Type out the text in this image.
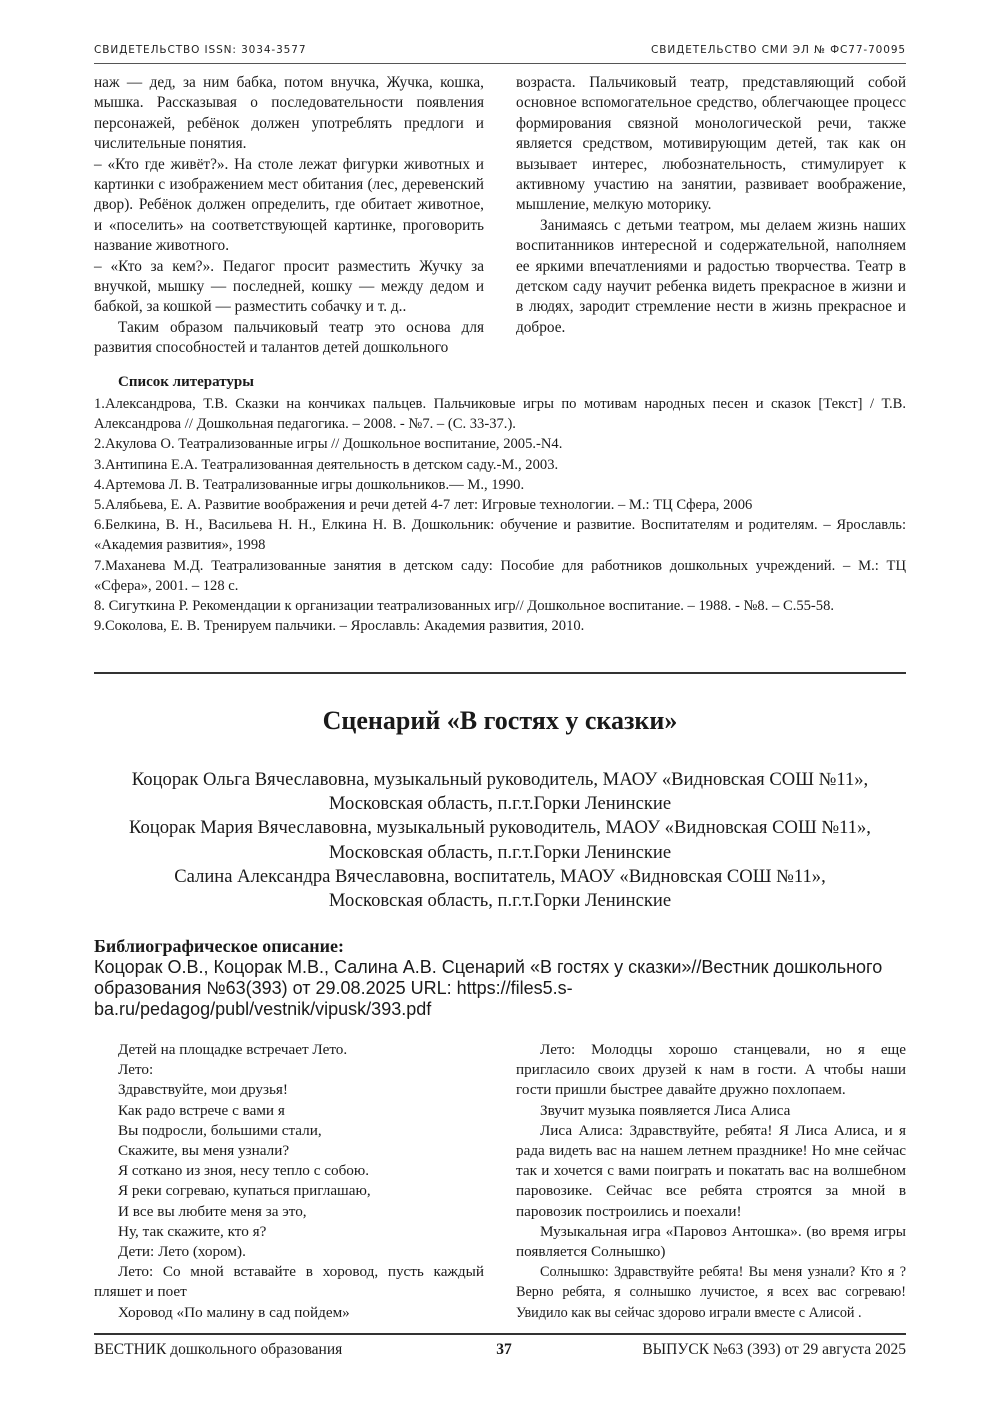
СВИДЕТЕЛЬСТВО ISSN: 3034-3577	СВИДЕТЕЛЬСТВО СМИ ЭЛ № ФС77-70095

наж — дед, за ним бабка, потом внучка, Жучка, кошка, мышка. Рассказывая о последовательности появления персонажей, ребёнок должен употреблять предлоги и числительные понятия.

– «Кто где живёт?». На столе лежат фигурки животных и картинки с изображением мест обитания (лес, деревенский двор). Ребёнок должен определить, где обитает животное, и «поселить» на соответствующей картинке, проговорить название животного.

– «Кто за кем?». Педагог просит разместить Жучку за внучкой, мышку — последней, кошку — между дедом и бабкой, за кошкой — разместить собачку и т. д..

Таким образом пальчиковый театр это основа для развития способностей и талантов детей дошкольного

возраста. Пальчиковый театр, представляющий собой основное вспомогательное средство, облегчающее процесс формирования связной монологической речи, также является средством, мотивирующим детей, так как он вызывает интерес, любознательность, стимулирует к активному участию на занятии, развивает воображение, мышление, мелкую моторику.

Занимаясь с детьми театром, мы делаем жизнь наших воспитанников интересной и содержательной, наполняем ее яркими впечатлениями и радостью творчества. Театр в детском саду научит ребенка видеть прекрасное в жизни и в людях, зародит стремление нести в жизнь прекрасное и доброе.

Список литературы
1.Александрова, Т.В. Сказки на кончиках пальцев. Пальчиковые игры по мотивам народных песен и сказок [Текст] / Т.В. Александрова // Дошкольная педагогика. – 2008. - №7. – (С. 33-37.).
2.Акулова О. Театрализованные игры // Дошкольное воспитание, 2005.-N4.
3.Антипина Е.А. Театрализованная деятельность в детском саду.-М., 2003.
4.Артемова Л. В. Театрализованные игры дошкольников.— М., 1990.
5.Алябьева, Е. А. Развитие воображения и речи детей 4-7 лет: Игровые технологии. – М.: ТЦ Сфера, 2006
6.Белкина, В. Н., Васильева Н. Н., Елкина Н. В. Дошкольник: обучение и развитие. Воспитателям и родителям. – Ярославль: «Академия развития», 1998
7.Маханева М.Д. Театрализованные занятия в детском саду: Пособие для работников дошкольных учреждений. – М.: ТЦ «Сфера», 2001. – 128 с.
8. Сигуткина Р. Рекомендации к организации театрализованных игр// Дошкольное воспитание. – 1988. - №8. – С.55-58.
9.Соколова, Е. В. Тренируем пальчики. – Ярославль: Академия развития, 2010.
Сценарий «В гостях у сказки»
Коцорак Ольга Вячеславовна, музыкальный руководитель, МАОУ «Видновская СОШ №11»,
Московская область, п.г.т.Горки Ленинские
Коцорак Мария Вячеславовна, музыкальный руководитель, МАОУ «Видновская СОШ №11»,
Московская область, п.г.т.Горки Ленинские
Салина Александра Вячеславовна, воспитатель, МАОУ «Видновская СОШ №11»,
Московская область, п.г.т.Горки Ленинские
Библиографическое описание:
Коцорак О.В., Коцорак М.В., Салина А.В. Сценарий «В гостях у сказки»//Вестник дошкольного образования №63(393) от 29.08.2025 URL: https://files5.s-ba.ru/pedagog/publ/vestnik/vipusk/393.pdf
Детей на площадке встречает Лето.
Лето:
Здравствуйте, мои друзья!
Как радо встрече с вами я
Вы подросли, большими стали,
Скажите, вы меня узнали?
Я соткано из зноя, несу тепло с собою.
Я реки согреваю, купаться приглашаю,
И все вы любите меня за это,
Ну, так скажите, кто я?
Дети: Лето (хором).
Лето: Со мной вставайте в хоровод, пусть каждый пляшет и поет
Хоровод «По малину в сад пойдем»
Лето: Молодцы хорошо станцевали, но я еще пригласило своих друзей к нам в гости. А чтобы наши гости пришли быстрее давайте дружно похлопаем.
Звучит музыка появляется Лиса Алиса
Лиса Алиса: Здравствуйте, ребята! Я Лиса Алиса, и я рада видеть вас на нашем летнем празднике! Но мне сейчас так и хочется с вами поиграть и покатать вас на волшебном паровозике. Сейчас все ребята строятся за мной в паровозик построились и поехали!
Музыкальная игра «Паровоз Антошка». (во время игры появляется Солнышко)
Солнышко: Здравствуйте ребята! Вы меня узнали? Кто я ? Верно ребята, я солнышко лучистое, я всех вас согреваю! Увидило как вы сейчас здорово играли вместе с Алисой .
ВЕСТНИК дошкольного образования	37	ВЫПУСК №63 (393) от 29 августа 2025
